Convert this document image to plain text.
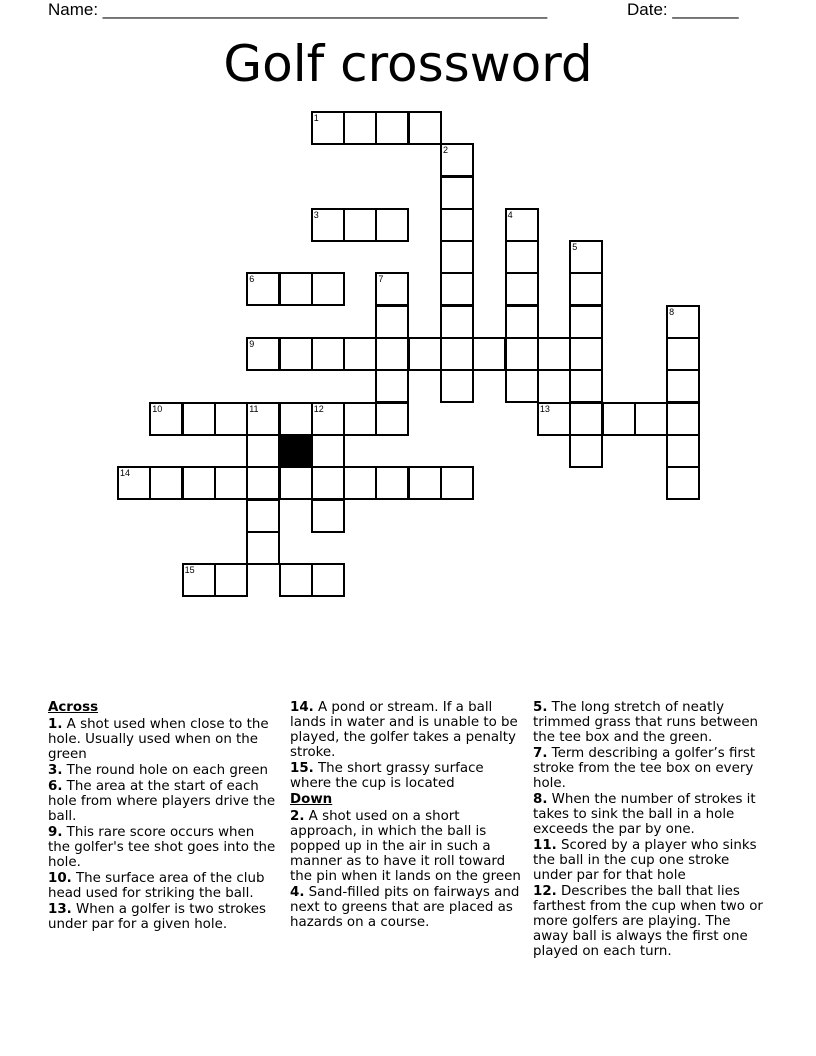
Name: _______________________________________________	Date: _______
Golf crossword
1
2
3	4
5
6	7
8
9
10	11	12	13
14
15
Across
1. A shot used when close to the hole. Usually used when on the green
3. The round hole on each green
6. The area at the start of each hole from where players drive the ball.
9. This rare score occurs when the golfer's tee shot goes into the hole.
10. The surface area of the club head used for striking the ball.
13. When a golfer is two strokes under par for a given hole.
14. A pond or stream. If a ball lands in water and is unable to be played, the golfer takes a penalty stroke.
15. The short grassy surface where the cup is located
Down
2. A shot used on a short approach, in which the ball is popped up in the air in such a manner as to have it roll toward the pin when it lands on the green
4. Sand-filled pits on fairways and next to greens that are placed as hazards on a course.
5. The long stretch of neatly trimmed grass that runs between the tee box and the green.
7. Term describing a golfer’s first stroke from the tee box on every hole.
8. When the number of strokes it takes to sink the ball in a hole exceeds the par by one.
11. Scored by a player who sinks the ball in the cup one stroke under par for that hole
12. Describes the ball that lies farthest from the cup when two or more golfers are playing. The away ball is always the first one played on each turn.
